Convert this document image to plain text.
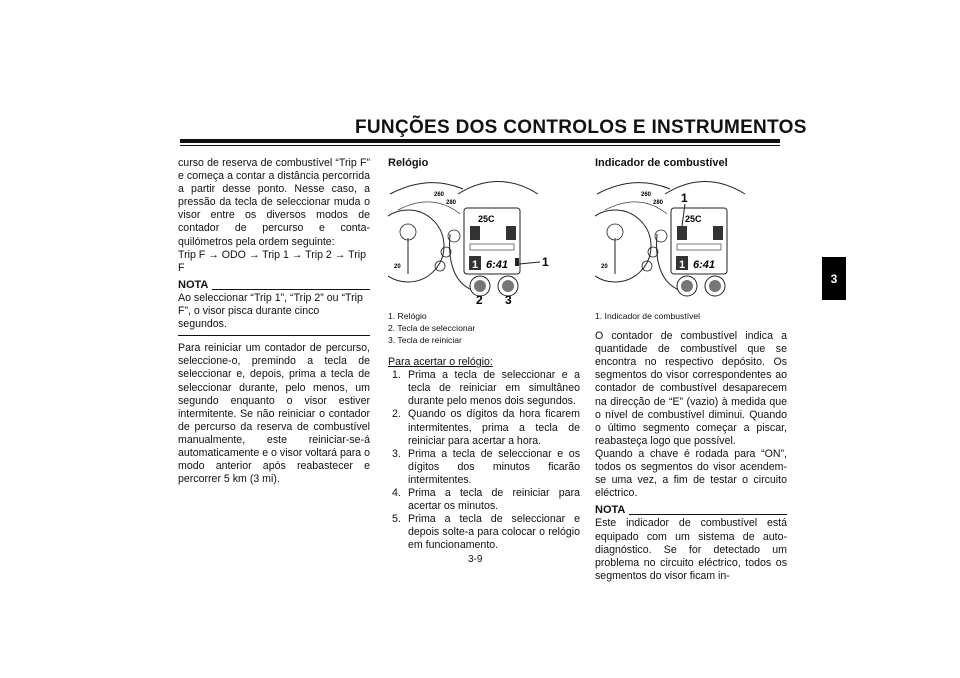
FUNÇÕES DOS CONTROLOS E INSTRUMENTOS
3

curso de reserva de combustível “Trip F” e começa a contar a distância percorrida a partir desse ponto. Nesse caso, a pressão da tecla de seleccionar muda o visor entre os diversos modos de contador de percurso e conta-quilómetros pela ordem seguinte:

Trip F → ODO → Trip 1 → Trip 2 → Trip F

NOTA

Ao seleccionar “Trip 1”, “Trip 2” ou “Trip F”, o visor pisca durante cinco segundos.

Para reiniciar um contador de percurso, seleccione-o, premindo a tecla de seleccionar e, depois, prima a tecla de seleccionar durante, pelo menos, um segundo enquanto o visor estiver intermitente. Se não reiniciar o contador de percurso da reserva de combustível manualmente, este reiniciar-se-á automaticamente e o visor voltará para o modo anterior após reabastecer e percorrer 5 km (3 mi).

Relógio
260
280
20
25C
1 6:41	1
2 3
1. Relógio
2. Tecla de seleccionar
3. Tecla de reiniciar
Para acertar o relógio:
1. Prima a tecla de seleccionar e a tecla de reiniciar em simultâneo durante pelo menos dois segundos.
2. Quando os dígitos da hora ficarem intermitentes, prima a tecla de reiniciar para acertar a hora.
3. Prima a tecla de seleccionar e os dígitos dos minutos ficarão intermitentes.
4. Prima a tecla de reiniciar para acertar os minutos.
5. Prima a tecla de seleccionar e depois solte-a para colocar o relógio em funcionamento.
Indicador de combustível
260
280
20
25C
1 6:41
1
1. Indicador de combustível

O contador de combustível indica a quantidade de combustível que se encontra no respectivo depósito. Os segmentos do visor correspondentes ao contador de combustível desaparecem na direcção de “E” (vazio) à medida que o nível de combustível diminui. Quando o último segmento começar a piscar, reabasteça logo que possível.

Quando a chave é rodada para “ON”, todos os segmentos do visor acendem-se uma vez, a fim de testar o circuito eléctrico.

NOTA

Este indicador de combustível está equipado com um sistema de auto-diagnóstico. Se for detectado um problema no circuito eléctrico, todos os segmentos do visor ficam in-

3-9
